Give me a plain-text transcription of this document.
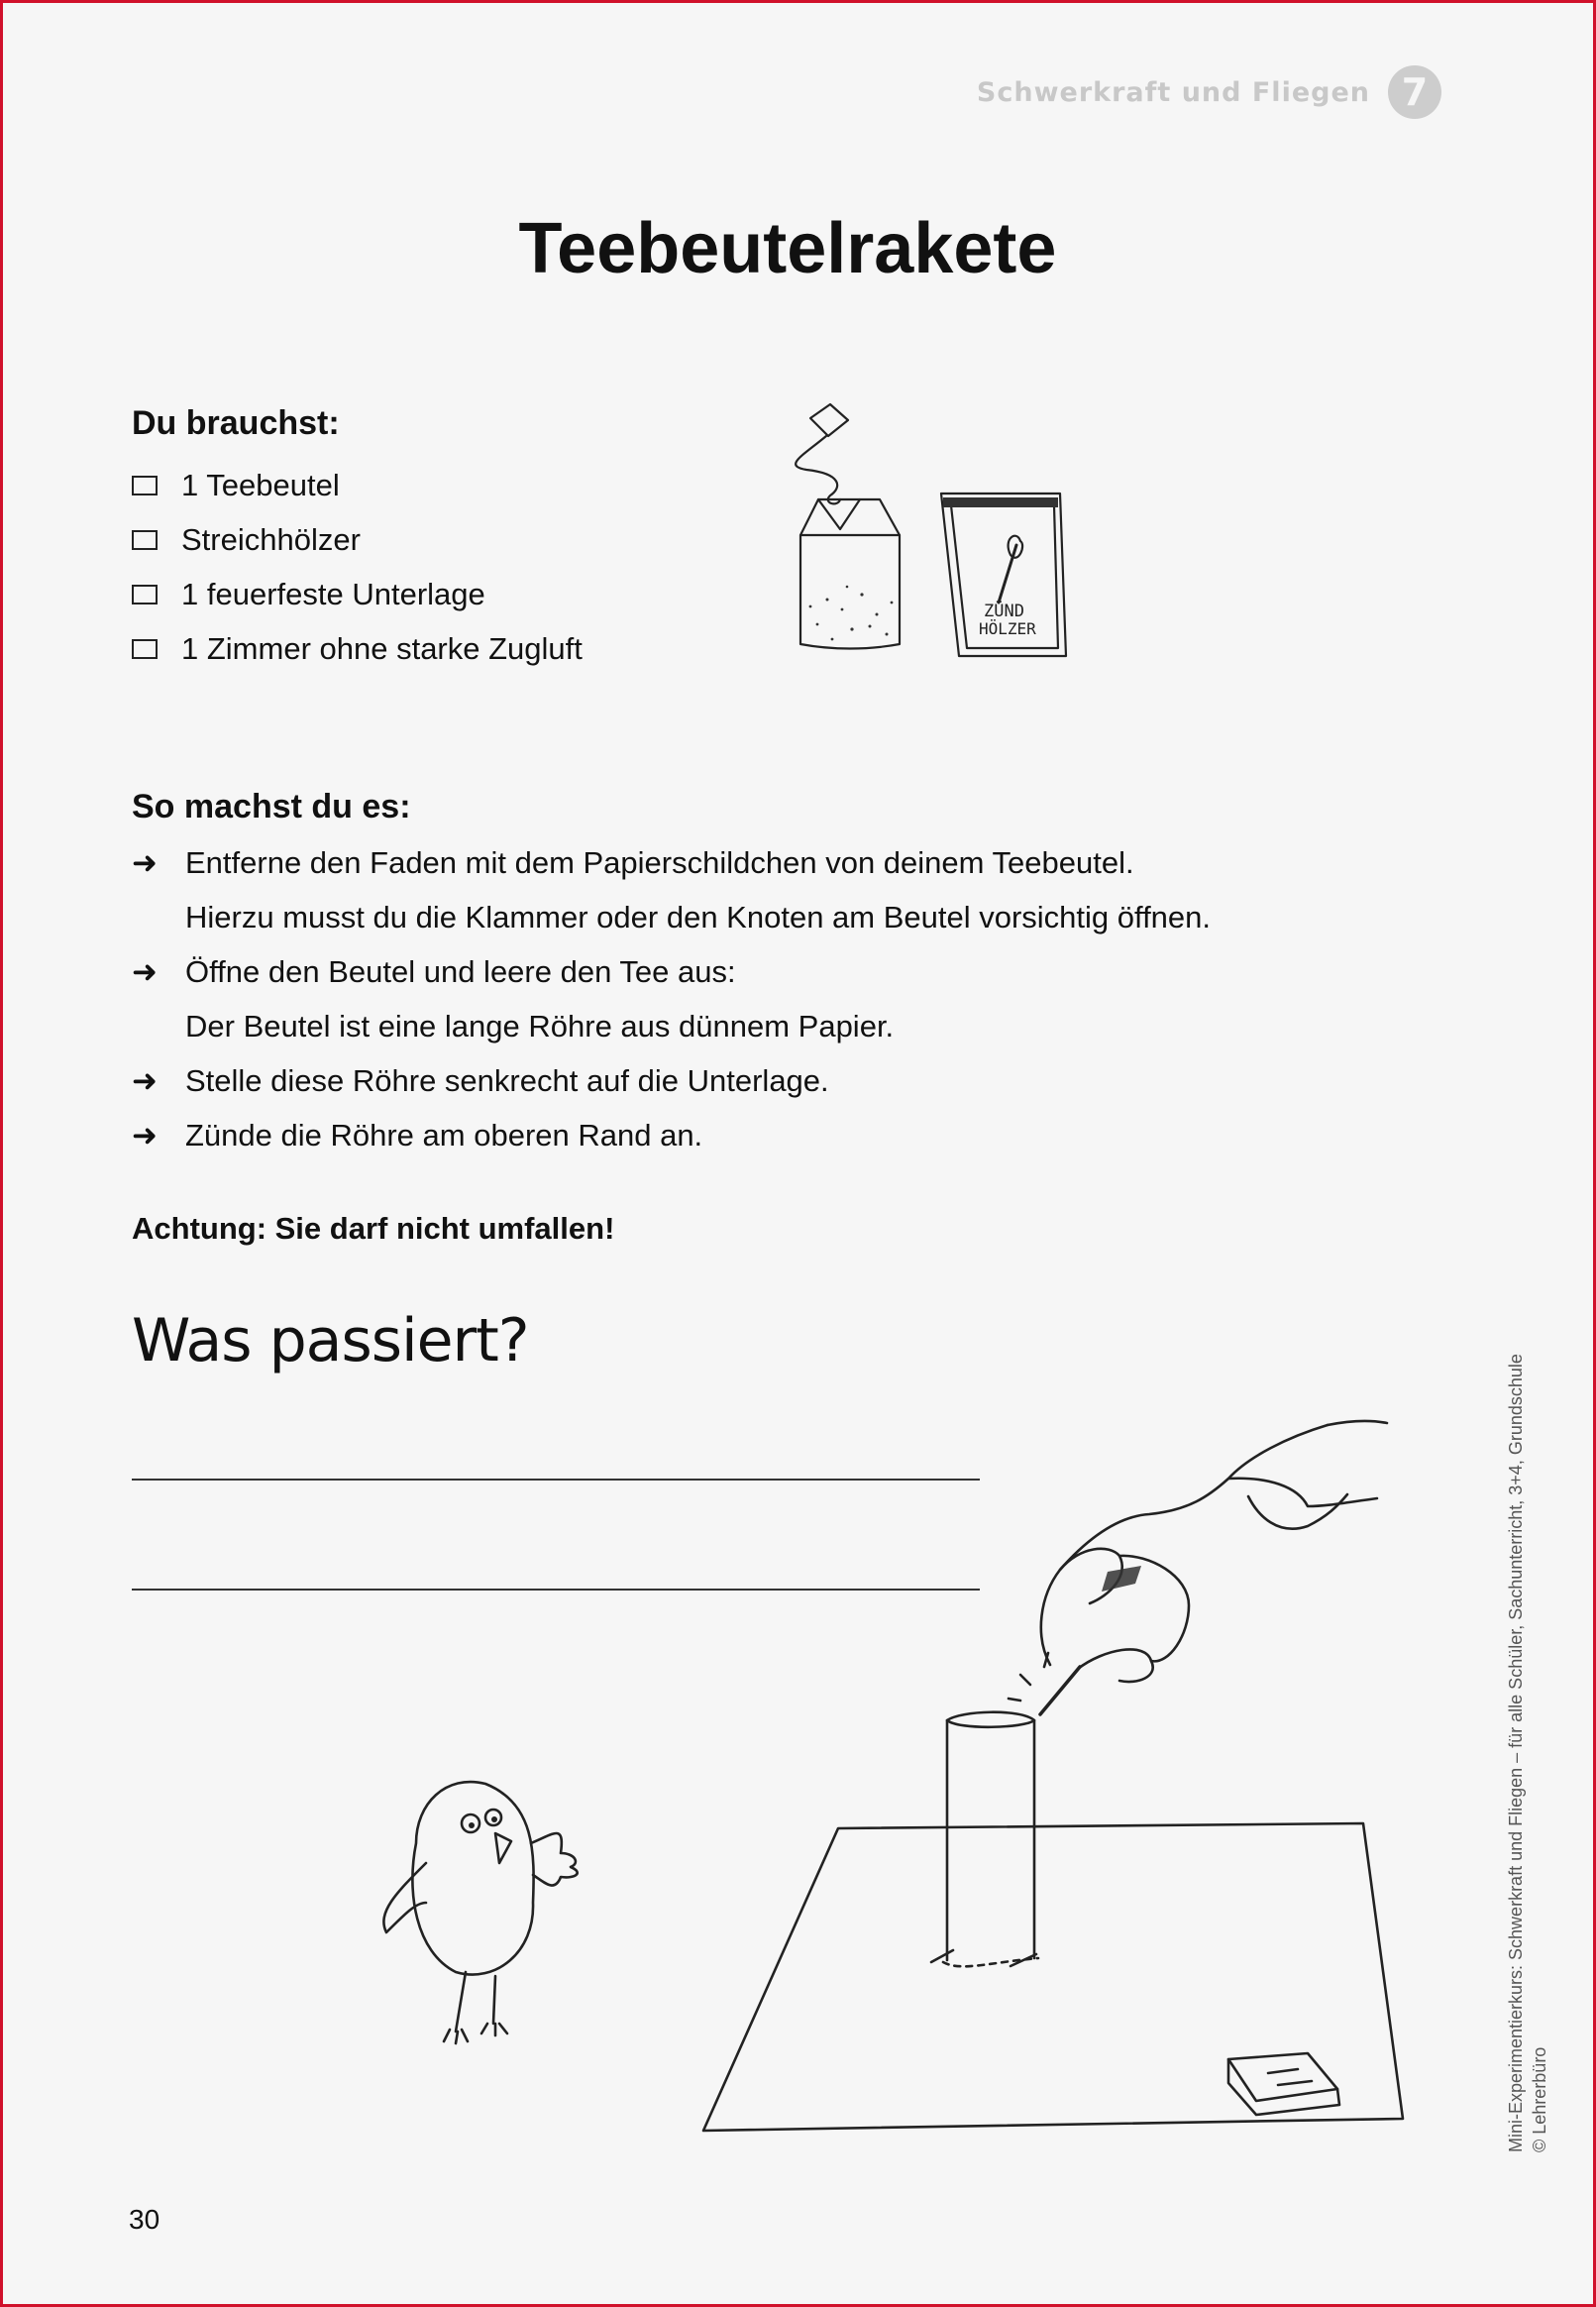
Schwerkraft und Fliegen 7
Teebeutelrakete
Du brauchst:
1 Teebeutel
Streichhölzer
1 feuerfeste Unterlage
1 Zimmer ohne starke Zugluft
ZÜND
HÖLZER
So machst du es:
➜ Entferne den Faden mit dem Papierschildchen von deinem Teebeutel.
Hierzu musst du die Klammer oder den Knoten am Beutel vorsichtig öffnen.
➜ Öffne den Beutel und leere den Tee aus:
Der Beutel ist eine lange Röhre aus dünnem Papier.
➜ Stelle diese Röhre senkrecht auf die Unterlage.
➜ Zünde die Röhre am oberen Rand an.

Achtung: Sie darf nicht umfallen!

Was passiert?
Mini-Experimentierkurs: Schwerkraft und Fliegen – für alle Schüler, Sachunterricht, 3+4, Grundschule © Lehrerbüro
30
